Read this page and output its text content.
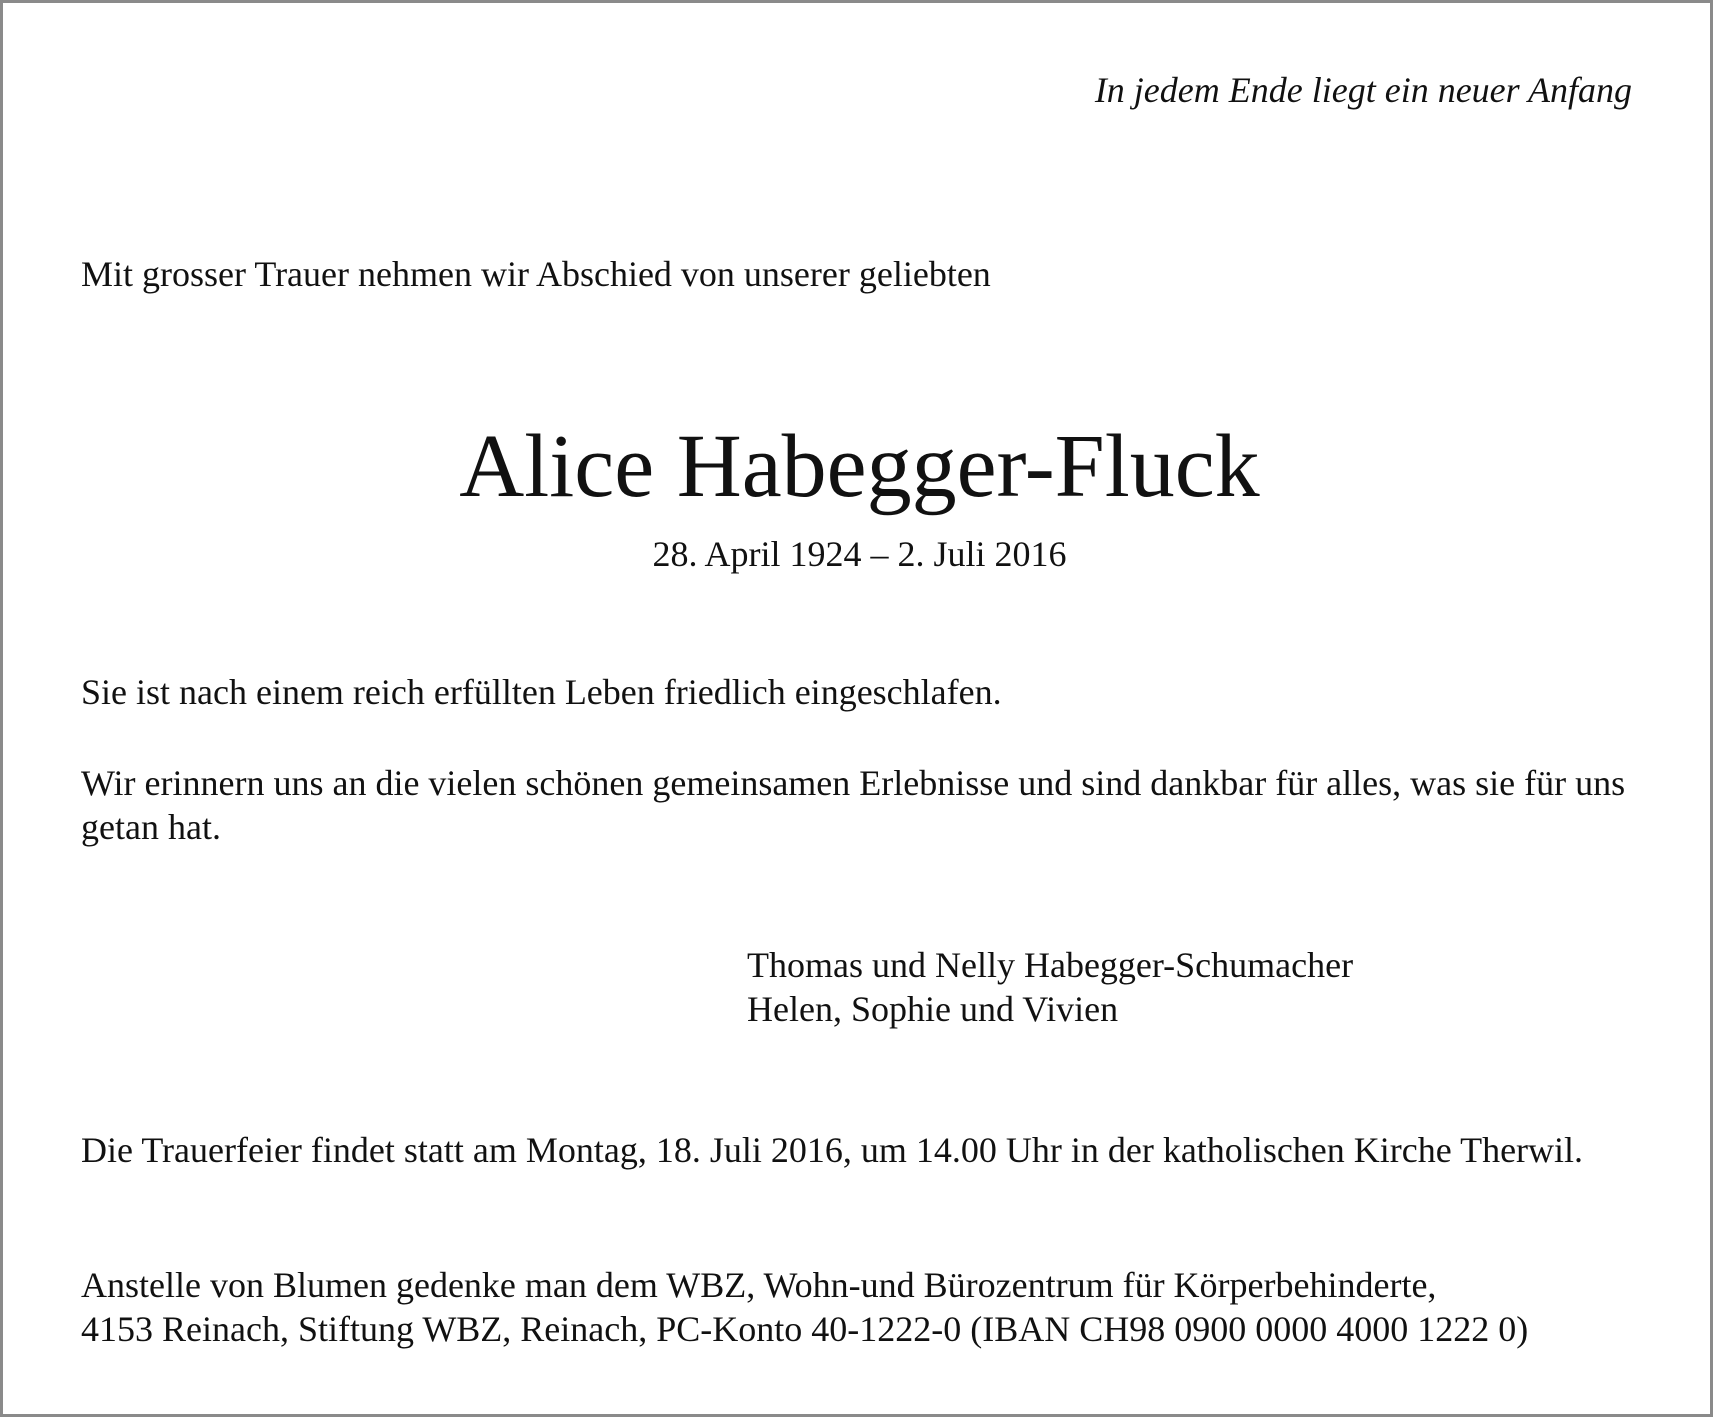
In jedem Ende liegt ein neuer Anfang
Mit grosser Trauer nehmen wir Abschied von unserer geliebten
Alice Habegger-Fluck
28. April 1924 – 2. Juli 2016
Sie ist nach einem reich erfüllten Leben friedlich eingeschlafen.
Wir erinnern uns an die vielen schönen gemeinsamen Erlebnisse und sind dankbar für alles, was sie für uns getan hat.
Thomas und Nelly Habegger-Schumacher
Helen, Sophie und Vivien
Die Trauerfeier findet statt am Montag, 18. Juli 2016, um 14.00 Uhr in der katholischen Kirche Therwil.
Anstelle von Blumen gedenke man dem WBZ, Wohn-und Bürozentrum für Körperbehinderte,
4153 Reinach, Stiftung WBZ, Reinach, PC-Konto 40-1222-0 (IBAN CH98 0900 0000 4000 1222 0)
